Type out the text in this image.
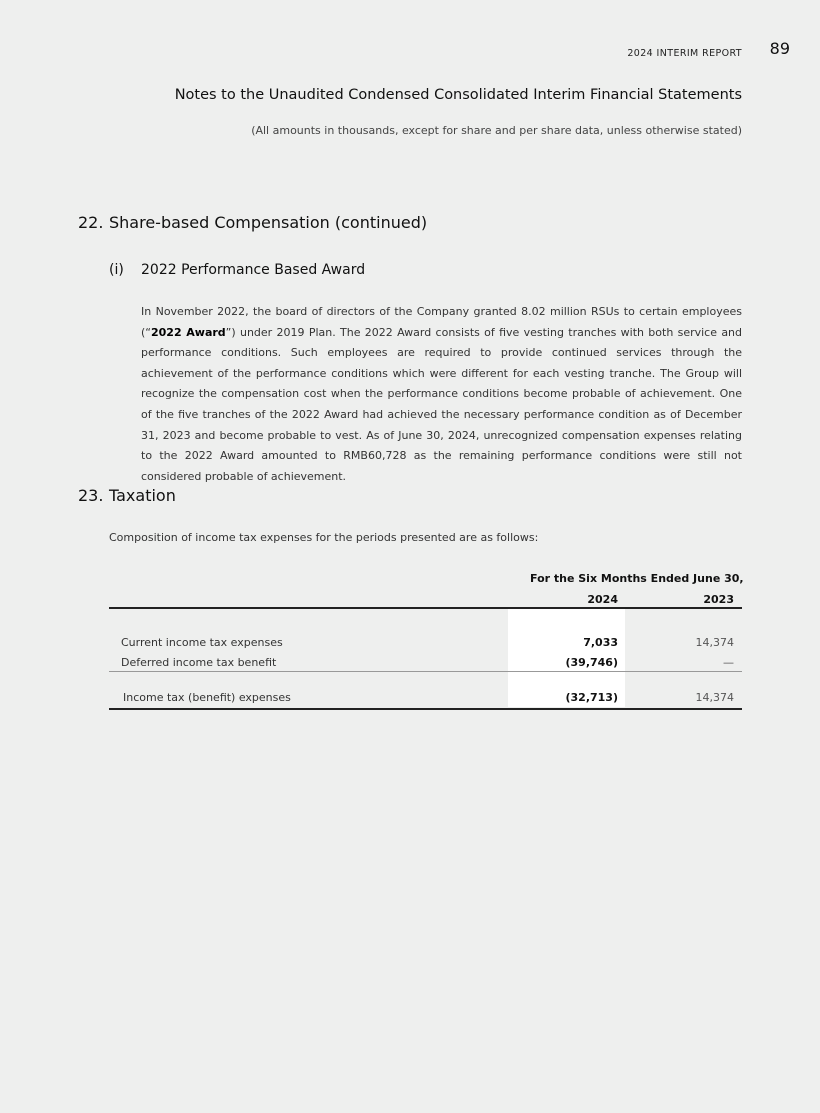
2024 INTERIM REPORT 89
Notes to the Unaudited Condensed Consolidated Interim Financial Statements
(All amounts in thousands, except for share and per share data, unless otherwise stated)
22. Share-based Compensation (continued)
(i) 2022 Performance Based Award
In November 2022, the board of directors of the Company granted 8.02 million RSUs to certain employees (“2022 Award”) under 2019 Plan. The 2022 Award consists of five vesting tranches with both service and performance conditions. Such employees are required to provide continued services through the achievement of the performance conditions which were different for each vesting tranche. The Group will recognize the compensation cost when the performance conditions become probable of achievement. One of the five tranches of the 2022 Award had achieved the necessary performance condition as of December 31, 2023 and become probable to vest. As of June 30, 2024, unrecognized compensation expenses relating to the 2022 Award amounted to RMB60,728 as the remaining performance conditions were still not considered probable of achievement.
23. Taxation
Composition of income tax expenses for the periods presented are as follows:
For the Six Months Ended June 30,
2024	2023
Current income tax expenses	7,033	14,374
Deferred income tax benefit	(39,746)	—
Income tax (benefit) expenses	(32,713)	14,374
